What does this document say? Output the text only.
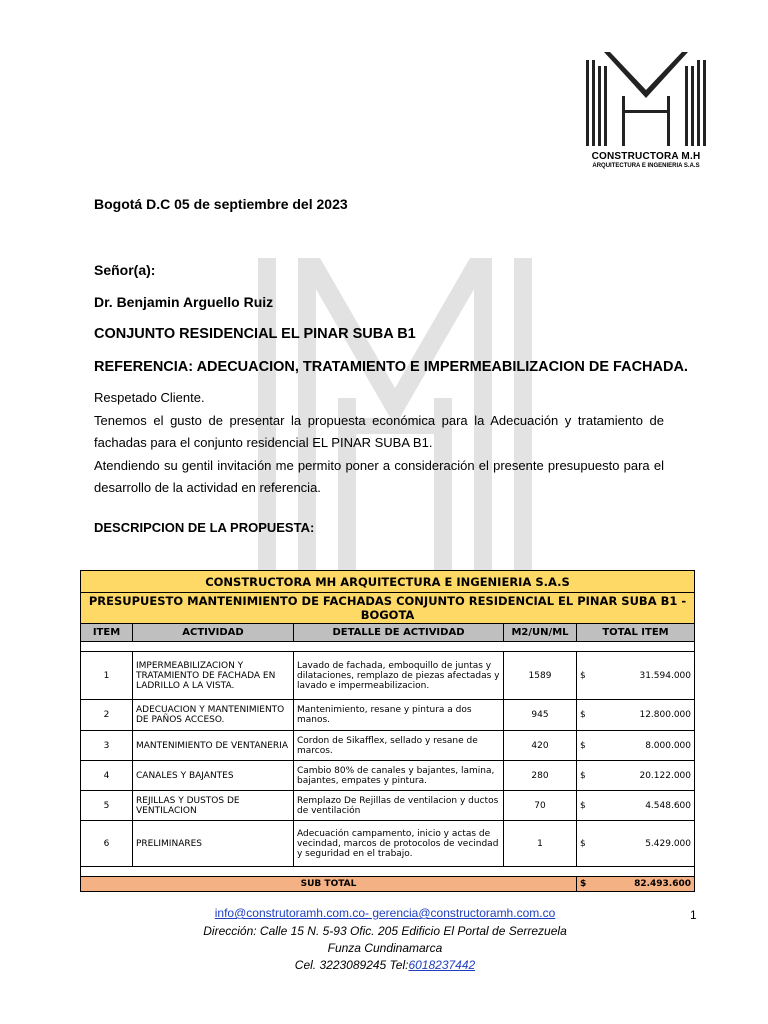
CONSTRUCTORA M.H
ARQUITECTURA E INGENIERIA S.A.S
Bogotá D.C 05 de septiembre del 2023
Señor(a):
Dr. Benjamin Arguello Ruiz
CONJUNTO RESIDENCIAL EL PINAR SUBA B1
REFERENCIA: ADECUACION, TRATAMIENTO E IMPERMEABILIZACION DE FACHADA.

Respetado Cliente.

Tenemos el gusto de presentar la propuesta económica para la Adecuación y tratamiento de

fachadas para el conjunto residencial EL PINAR SUBA B1.

Atendiendo su gentil invitación me permito poner a consideración el presente presupuesto para el

desarrollo de la actividad en referencia.

DESCRIPCION DE LA PROPUESTA:
CONSTRUCTORA MH ARQUITECTURA E INGENIERIA S.A.S				
PRESUPUESTO MANTENIMIENTO DE FACHADAS CONJUNTO RESIDENCIAL EL PINAR SUBA B1 - BOGOTA				
ITEM	ACTIVIDAD	DETALLE DE ACTIVIDAD	M2/UN/ML	TOTAL ITEM

1	IMPERMEABILIZACION Y TRATAMIENTO DE FACHADA EN LADRILLO A LA VISTA.	Lavado de fachada, emboquillo de juntas y dilataciones, remplazo de piezas afectadas y lavado e impermeabilizacion.	1589	$ 31.594.000

2	ADECUACION Y MANTENIMIENTO DE PAÑOS ACCESO.	Mantenimiento, resane y pintura a dos manos.	945	$ 12.800.000

3	MANTENIMIENTO DE VENTANERIA	Cordon de Sikafflex, sellado y resane de marcos.	420	$ 8.000.000

4	CANALES Y BAJANTES	Cambio 80% de canales y bajantes, lamina, bajantes, empates y pintura.	280	$ 20.122.000

5	REJILLAS Y DUSTOS DE VENTILACION	Remplazo De Rejillas de ventilacion y ductos de ventilación	70	$ 4.548.600

6	PRELIMINARES	Adecuación campamento, inicio y actas de vecindad, marcos de protocolos de vecindad y seguridad en el trabajo.	1	$ 5.429.000

SUB TOTAL				$ 82.493.600
info@construtoramh.com.co- gerencia@constructoramh.com.co
Dirección: Calle 15 N. 5-93 Ofic. 205 Edificio El Portal de Serrezuela
Funza Cundinamarca
Cel. 3223089245 Tel:6018237442
1
